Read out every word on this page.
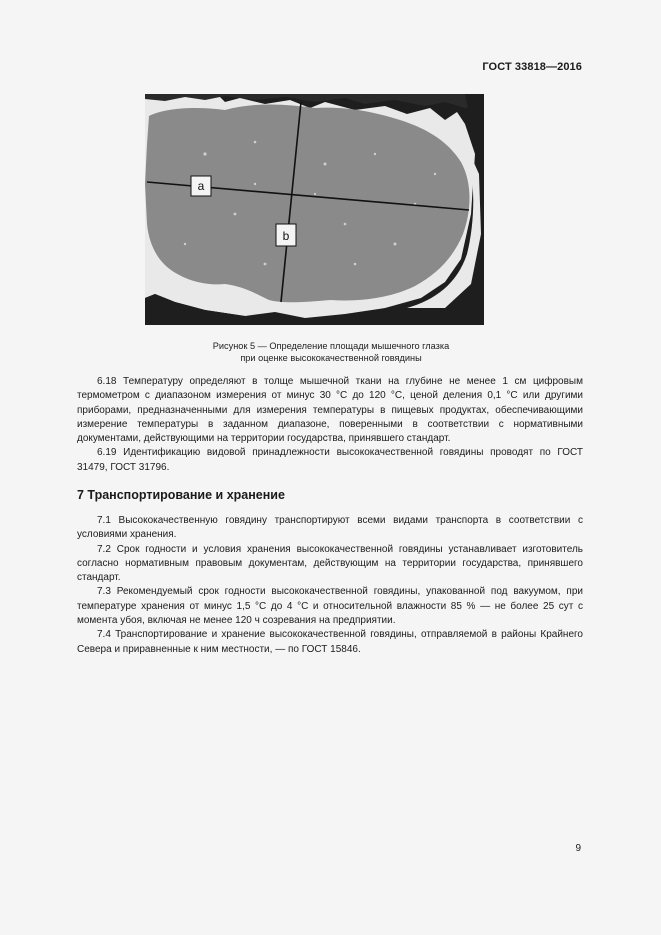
ГОСТ 33818—2016
a
b
Рисунок 5 — Определение площади мышечного глазка
при оценке высококачественной говядины

6.18 Температуру определяют в толще мышечной ткани на глубине не менее 1 см цифровым термометром с диапазоном измерения от минус 30 °С до 120 °С, ценой деления 0,1 °С или другими приборами, предназначенными для измерения температуры в пищевых продуктах, обеспечивающими измерение температуры в заданном диапазоне, поверенными в соответствии с нормативными документами, действующими на территории государства, принявшего стандарт.

6.19 Идентификацию видовой принадлежности высококачественной говядины проводят по ГОСТ 31479, ГОСТ 31796.

7 Транспортирование и хранение

7.1 Высококачественную говядину транспортируют всеми видами транспорта в соответствии с условиями хранения.

7.2 Срок годности и условия хранения высококачественной говядины устанавливает изготовитель согласно нормативным правовым документам, действующим на территории государства, принявшего стандарт.

7.3 Рекомендуемый срок годности высококачественной говядины, упакованной под вакуумом, при температуре хранения от минус 1,5 °С до 4 °С и относительной влажности 85 % — не более 25 сут с момента убоя, включая не менее 120 ч созревания на предприятии.

7.4 Транспортирование и хранение высококачественной говядины, отправляемой в районы Крайнего Севера и приравненные к ним местности, — по ГОСТ 15846.

9
